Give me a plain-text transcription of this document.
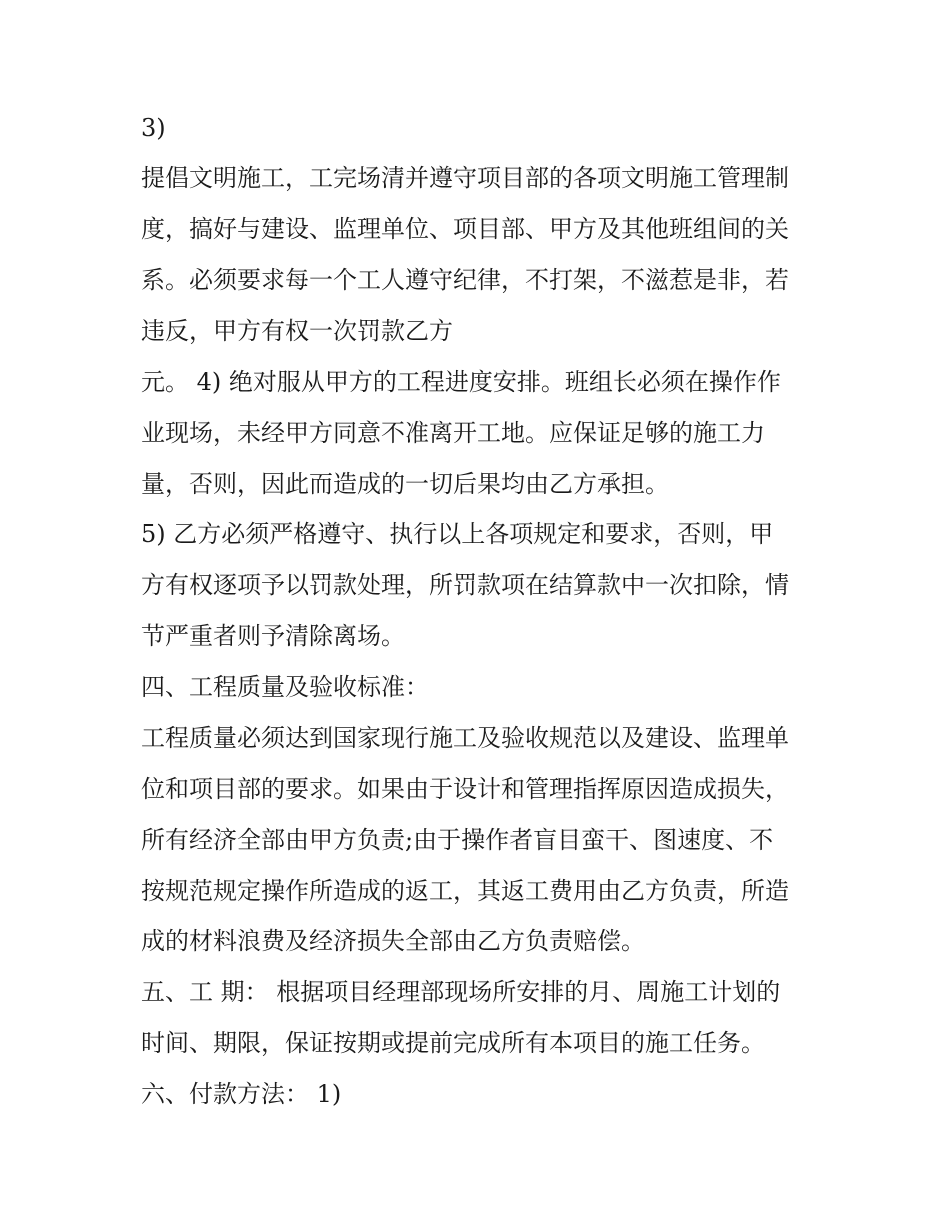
3)
提倡文明施工，工完场清并遵守项目部的各项文明施工管理制
度，搞好与建设、监理单位、项目部、甲方及其他班组间的关
系。必须要求每一个工人遵守纪律，不打架，不滋惹是非，若
违反，甲方有权一次罚款乙方
元。 4) 绝对服从甲方的工程进度安排。班组长必须在操作作
业现场，未经甲方同意不准离开工地。应保证足够的施工力
量，否则，因此而造成的一切后果均由乙方承担。
5) 乙方必须严格遵守、执行以上各项规定和要求，否则，甲
方有权逐项予以罚款处理，所罚款项在结算款中一次扣除，情
节严重者则予清除离场。
四、工程质量及验收标准：
工程质量必须达到国家现行施工及验收规范以及建设、监理单
位和项目部的要求。如果由于设计和管理指挥原因造成损失，
所有经济全部由甲方负责;由于操作者盲目蛮干、图速度、不
按规范规定操作所造成的返工，其返工费用由乙方负责，所造
成的材料浪费及经济损失全部由乙方负责赔偿。
五、工 期： 根据项目经理部现场所安排的月、周施工计划的
时间、期限，保证按期或提前完成所有本项目的施工任务。
六、付款方法： 1)
